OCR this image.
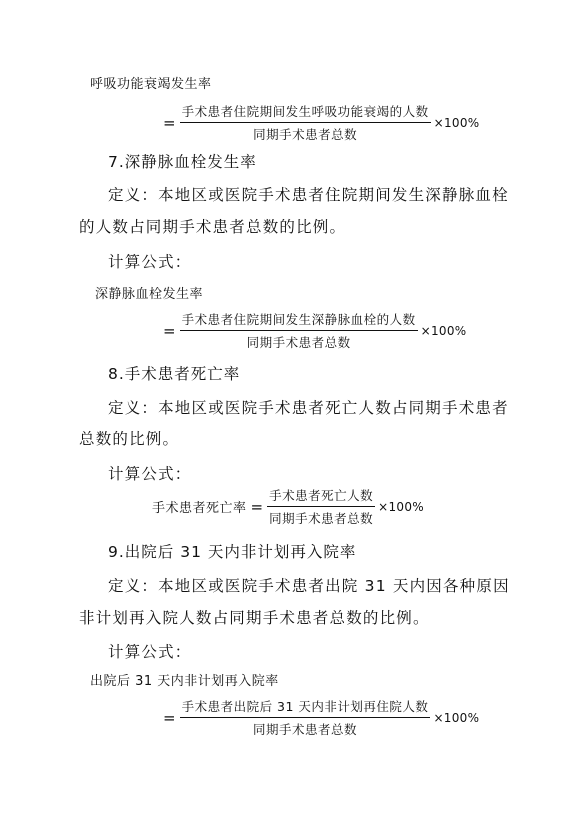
呼吸功能衰竭发生率
= $\frac{\text{手术患者住院期间发生呼吸功能衰竭的人数}}{\text{同期手术患者总数}} \times 100\%$
7.深静脉血栓发生率
定义：本地区或医院手术患者住院期间发生深静脉血栓
的人数占同期手术患者总数的比例。
计算公式：
深静脉血栓发生率
= $\frac{\text{手术患者住院期间发生深静脉血栓的人数}}{\text{同期手术患者总数}} \times 100\%$
8.手术患者死亡率
定义：本地区或医院手术患者死亡人数占同期手术患者
总数的比例。
计算公式：
手术患者死亡率 = $\frac{\text{手术患者死亡人数}}{\text{同期手术患者总数}} \times 100\%$
9.出院后 31 天内非计划再入院率
定义：本地区或医院手术患者出院 31 天内因各种原因
非计划再入院人数占同期手术患者总数的比例。
计算公式：
出院后 31 天内非计划再入院率
= $\frac{\text{手术患者出院后 31 天内非计划再住院人数}}{\text{同期手术患者总数}} \times 100\%$
